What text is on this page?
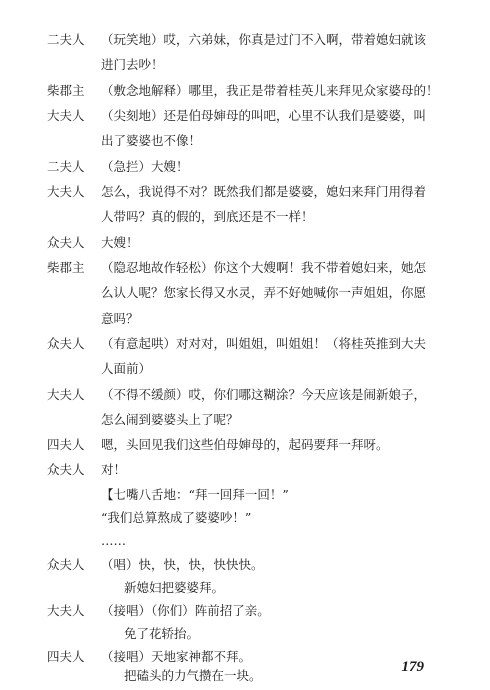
二夫人 （玩笑地）哎，六弟妹，你真是过门不入啊，带着媳妇就该
进门去吵！
柴郡主 （敷念地解释）哪里，我正是带着桂英儿来拜见众家婆母的！
大夫人 （尖刻地）还是伯母婶母的叫吧，心里不认我们是婆婆，叫
出了婆婆也不像！
二夫人 （急拦）大嫂！
大夫人 怎么，我说得不对？既然我们都是婆婆，媳妇来拜门用得着
人带吗？真的假的，到底还是不一样！
众夫人 大嫂！
柴郡主 （隐忍地故作轻松）你这个大嫂啊！我不带着媳妇来，她怎
么认人呢？您家长得又水灵，弄不好她喊你一声姐姐，你愿
意吗？
众夫人 （有意起哄）对对对，叫姐姐，叫姐姐！（将桂英推到大夫
人面前）
大夫人 （不得不缓颜）哎，你们哪这糊涂？今天应该是闹新娘子，
怎么闹到婆婆头上了呢？
四夫人 嗯，头回见我们这些伯母婶母的，起码要拜一拜呀。
众夫人 对！
【七嘴八舌地：“拜一回拜一回！”
“我们总算熬成了婆婆吵！”
……
众夫人 （唱）快，快，快，快快快。
新媳妇把婆婆拜。
大夫人 （接唱）（你们）阵前招了亲。
免了花轿抬。
四夫人 （接唱）天地家神都不拜。
把磕头的力气攒在一块。
179
